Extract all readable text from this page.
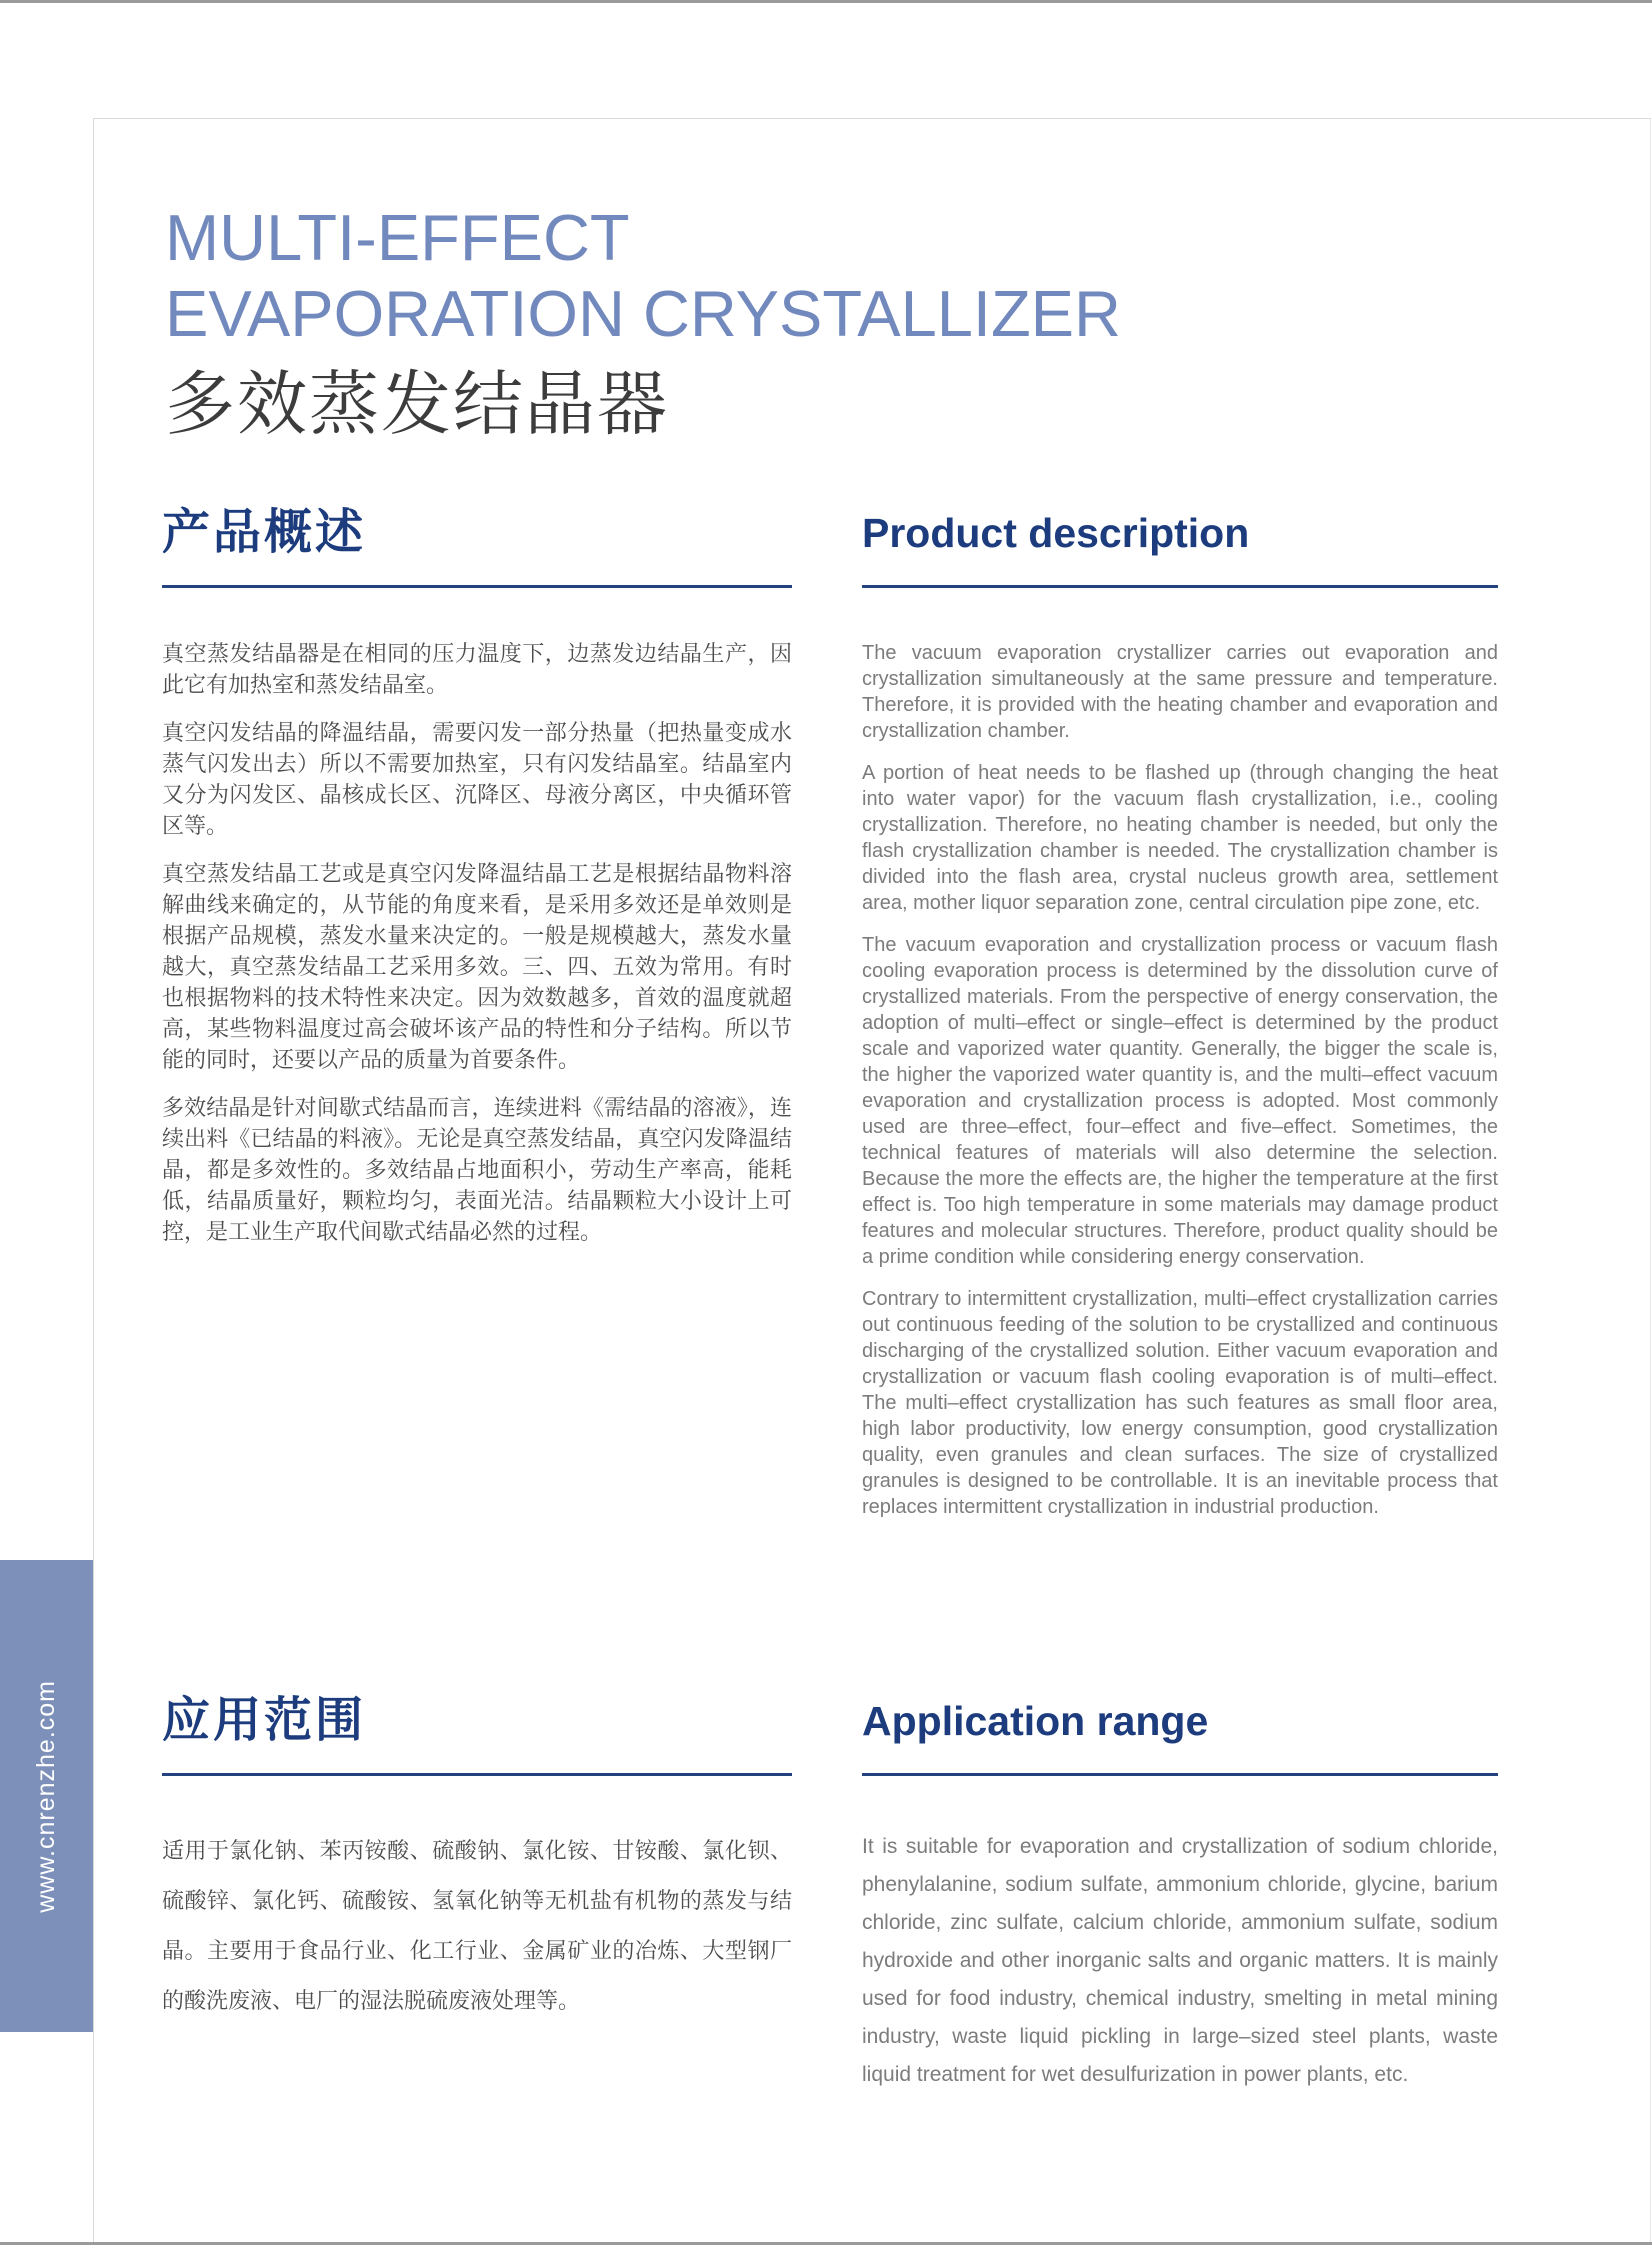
www.cnrenzhe.com
MULTI-EFFECT
EVAPORATION CRYSTALLIZER
多效蒸发结晶器
产品概述

真空蒸发结晶器是在相同的压力温度下，边蒸发边结晶生产，因此它有加热室和蒸发结晶室。

真空闪发结晶的降温结晶，需要闪发一部分热量（把热量变成水蒸气闪发出去）所以不需要加热室，只有闪发结晶室。结晶室内又分为闪发区、晶核成长区、沉降区、母液分离区，中央循环管区等。

真空蒸发结晶工艺或是真空闪发降温结晶工艺是根据结晶物料溶解曲线来确定的，从节能的角度来看，是采用多效还是单效则是根据产品规模，蒸发水量来决定的。一般是规模越大，蒸发水量越大，真空蒸发结晶工艺采用多效。三、四、五效为常用。有时也根据物料的技术特性来决定。因为效数越多，首效的温度就超高，某些物料温度过高会破坏该产品的特性和分子结构。所以节能的同时，还要以产品的质量为首要条件。

多效结晶是针对间歇式结晶而言，连续进料《需结晶的溶液》，连续出料《已结晶的料液》。无论是真空蒸发结晶，真空闪发降温结晶，都是多效性的。多效结晶占地面积小，劳动生产率高，能耗低，结晶质量好，颗粒均匀，表面光洁。结晶颗粒大小设计上可控，是工业生产取代间歇式结晶必然的过程。

Product description

The vacuum evaporation crystallizer carries out evaporation and crystallization simultaneously at the same pressure and temperature. Therefore, it is provided with the heating chamber and evaporation and crystallization chamber.

A portion of heat needs to be flashed up (through changing the heat into water vapor) for the vacuum flash crystallization, i.e., cooling crystallization. Therefore, no heating chamber is needed, but only the flash crystallization chamber is needed. The crystallization chamber is divided into the flash area, crystal nucleus growth area, settlement area, mother liquor separation zone, central circulation pipe zone, etc.

The vacuum evaporation and crystallization process or vacuum flash cooling evaporation process is determined by the dissolution curve of crystallized materials. From the perspective of energy conservation, the adoption of multi–effect or single–effect is determined by the product scale and vaporized water quantity. Generally, the bigger the scale is, the higher the vaporized water quantity is, and the multi–effect vacuum evaporation and crystallization process is adopted. Most commonly used are three–effect, four–effect and five–effect. Sometimes, the technical features of materials will also determine the selection. Because the more the effects are, the higher the temperature at the first effect is. Too high temperature in some materials may damage product features and molecular structures. Therefore, product quality should be a prime condition while considering energy conservation.

Contrary to intermittent crystallization, multi–effect crystallization carries out continuous feeding of the solution to be crystallized and continuous discharging of the crystallized solution. Either vacuum evaporation and crystallization or vacuum flash cooling evaporation is of multi–effect. The multi–effect crystallization has such features as small floor area, high labor productivity, low energy consumption, good crystallization quality, even granules and clean surfaces. The size of crystallized granules is designed to be controllable. It is an inevitable process that replaces intermittent crystallization in industrial production.

应用范围

适用于氯化钠、苯丙铵酸、硫酸钠、氯化铵、甘铵酸、氯化钡、硫酸锌、氯化钙、硫酸铵、氢氧化钠等无机盐有机物的蒸发与结晶。主要用于食品行业、化工行业、金属矿业的冶炼、大型钢厂的酸洗废液、电厂的湿法脱硫废液处理等。

Application range

It is suitable for evaporation and crystallization of sodium chloride, phenylalanine, sodium sulfate, ammonium chloride, glycine, barium chloride, zinc sulfate, calcium chloride, ammonium sulfate, sodium hydroxide and other inorganic salts and organic matters. It is mainly used for food industry, chemical industry, smelting in metal mining industry, waste liquid pickling in large–sized steel plants, waste liquid treatment for wet desulfurization in power plants, etc.
